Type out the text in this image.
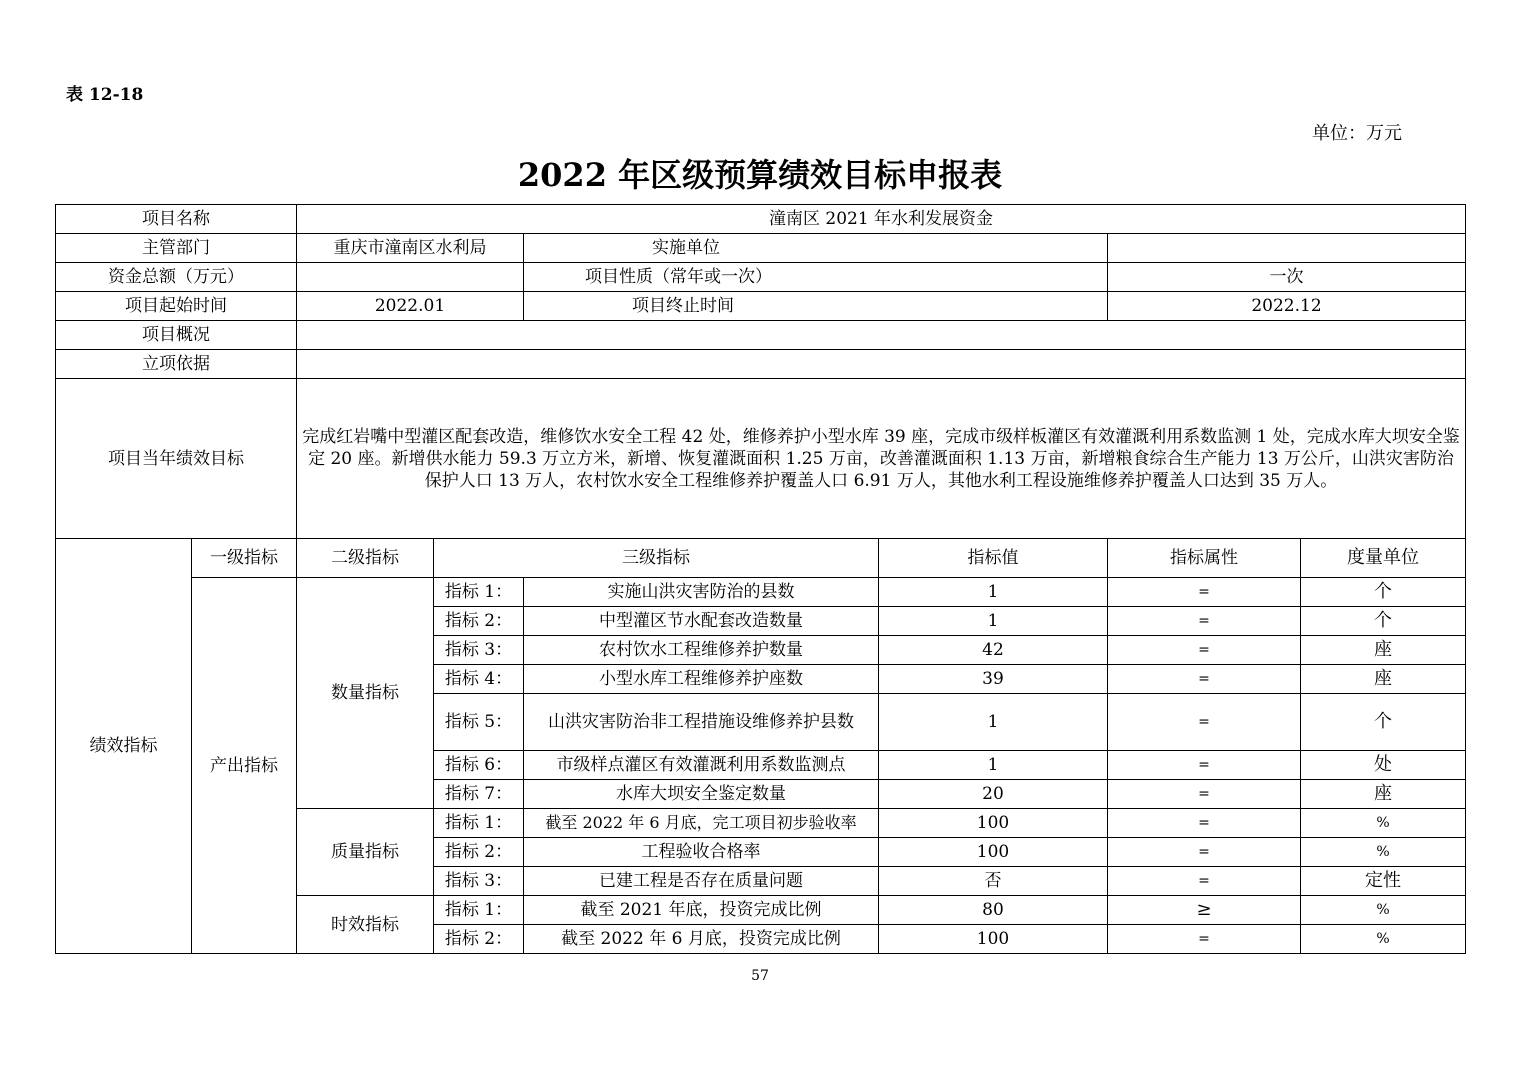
表 12-18
单位：万元
2022 年区级预算绩效目标申报表
项目名称		潼南区 2021 年水利发展资金					
主管部门		重庆市潼南区水利局		实施单位			
资金总额（万元）				项目性质（常年或一次）		一次	
项目起始时间		2022.01		项目终止时间		2022.12	
项目概况							
立项依据							
项目当年绩效目标		完成红岩嘴中型灌区配套改造，维修饮水安全工程 42 处，维修养护小型水库 39 座，完成市级样板灌区有效灌溉利用系数监测 1 处，完成水库大坝安全鉴定 20 座。新增供水能力 59.3 万立方米，新增、恢复灌溉面积 1.25 万亩，改善灌溉面积 1.13 万亩，新增粮食综合生产能力 13 万公斤，山洪灾害防治保护人口 13 万人，农村饮水安全工程维修养护覆盖人口 6.91 万人，其他水利工程设施维修养护覆盖人口达到 35 万人。					
绩效指标	一级指标	二级指标	三级指标		指标值	指标属性	度量单位
	产出指标	数量指标	指标 1：	实施山洪灾害防治的县数	1	=	个
			指标 2：	中型灌区节水配套改造数量	1	=	个
			指标 3：	农村饮水工程维修养护数量	42	=	座
			指标 4：	小型水库工程维修养护座数	39	=	座
			指标 5：	山洪灾害防治非工程措施设维修养护县数	1	=	个
			指标 6：	市级样点灌区有效灌溉利用系数监测点	1	=	处
			指标 7：	水库大坝安全鉴定数量	20	=	座
		质量指标	指标 1：	截至 2022 年 6 月底，完工项目初步验收率	100	=	%
			指标 2：	工程验收合格率	100	=	%
			指标 3：	已建工程是否存在质量问题	否	=	定性
		时效指标	指标 1：	截至 2021 年底，投资完成比例	80	≥	%
			指标 2：	截至 2022 年 6 月底，投资完成比例	100	=	%
57
